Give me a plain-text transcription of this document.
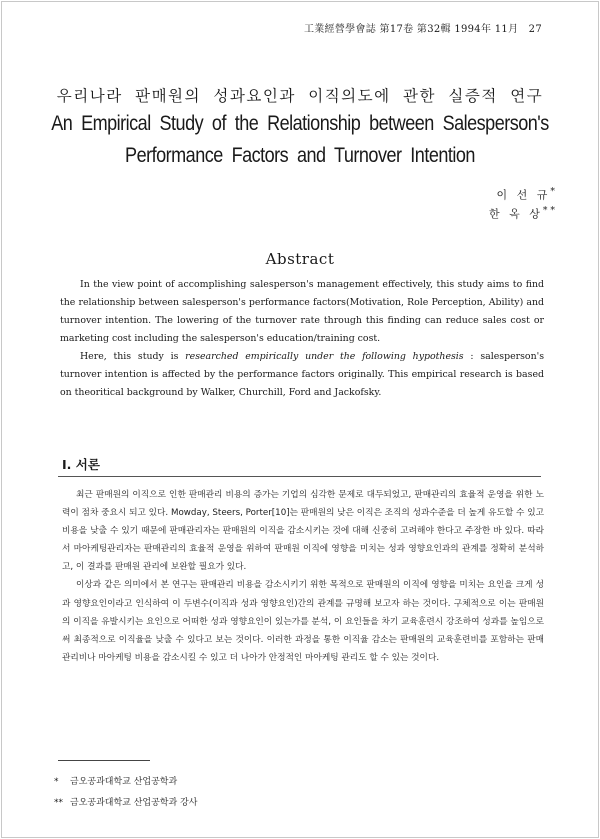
工業經營學會誌 第17卷 第32輯 1994年 11月　27
우리나라 판매원의 성과요인과 이직의도에 관한 실증적 연구
An Empirical Study of the Relationship between Salesperson's
Performance Factors and Turnover Intention
이 선 규*
한 옥 상**
Abstract

In the view point of accomplishing salesperson's management effectively, this study aims to find the relationship between salesperson's performance factors(Motivation, Role Perception, Ability) and turnover intention. The lowering of the turnover rate through this finding can reduce sales cost or marketing cost including the salesperson's education/training cost.

Here, this study is researched empirically under the following hypothesis : salesperson's turnover intention is affected by the performance factors originally. This empirical research is based on theoritical background by Walker, Churchill, Ford and Jackofsky.

Ⅰ. 서론

최근 판매원의 이직으로 인한 판매관리 비용의 증가는 기업의 심각한 문제로 대두되었고, 판매관리의 효율적 운영을 위한 노력이 점차 중요시 되고 있다. Mowday, Steers, Porter[10]는 판매원의 낮은 이직은 조직의 성과수준을 더 높게 유도할 수 있고 비용을 낮출 수 있기 때문에 판매관리자는 판매원의 이직을 감소시키는 것에 대해 신중히 고려해야 한다고 주장한 바 있다. 따라서 마아케팅관리자는 판매관리의 효율적 운영을 위하여 판매원 이직에 영향을 미치는 성과 영향요인과의 관계를 정확히 분석하고, 이 결과를 판매원 관리에 보완할 필요가 있다.

이상과 같은 의미에서 본 연구는 판매관리 비용을 감소시키기 위한 목적으로 판매원의 이직에 영향을 미치는 요인을 크게 성과 영향요인이라고 인식하여 이 두변수(이직과 성과 영향요인)간의 관계를 규명해 보고자 하는 것이다. 구체적으로 이는 판매원의 이직을 유발시키는 요인으로 어떠한 성과 영향요인이 있는가를 분석, 이 요인들을 차기 교육훈련시 강조하여 성과를 높임으로써 최종적으로 이직율을 낮출 수 있다고 보는 것이다. 이러한 과정을 통한 이직율 감소는 판매원의 교육훈련비를 포함하는 판매관리비나 마아케팅 비용을 감소시킬 수 있고 더 나아가 안정적인 마아케팅 관리도 할 수 있는 것이다.

* 금오공과대학교 산업공학과
** 금오공과대학교 산업공학과 강사
